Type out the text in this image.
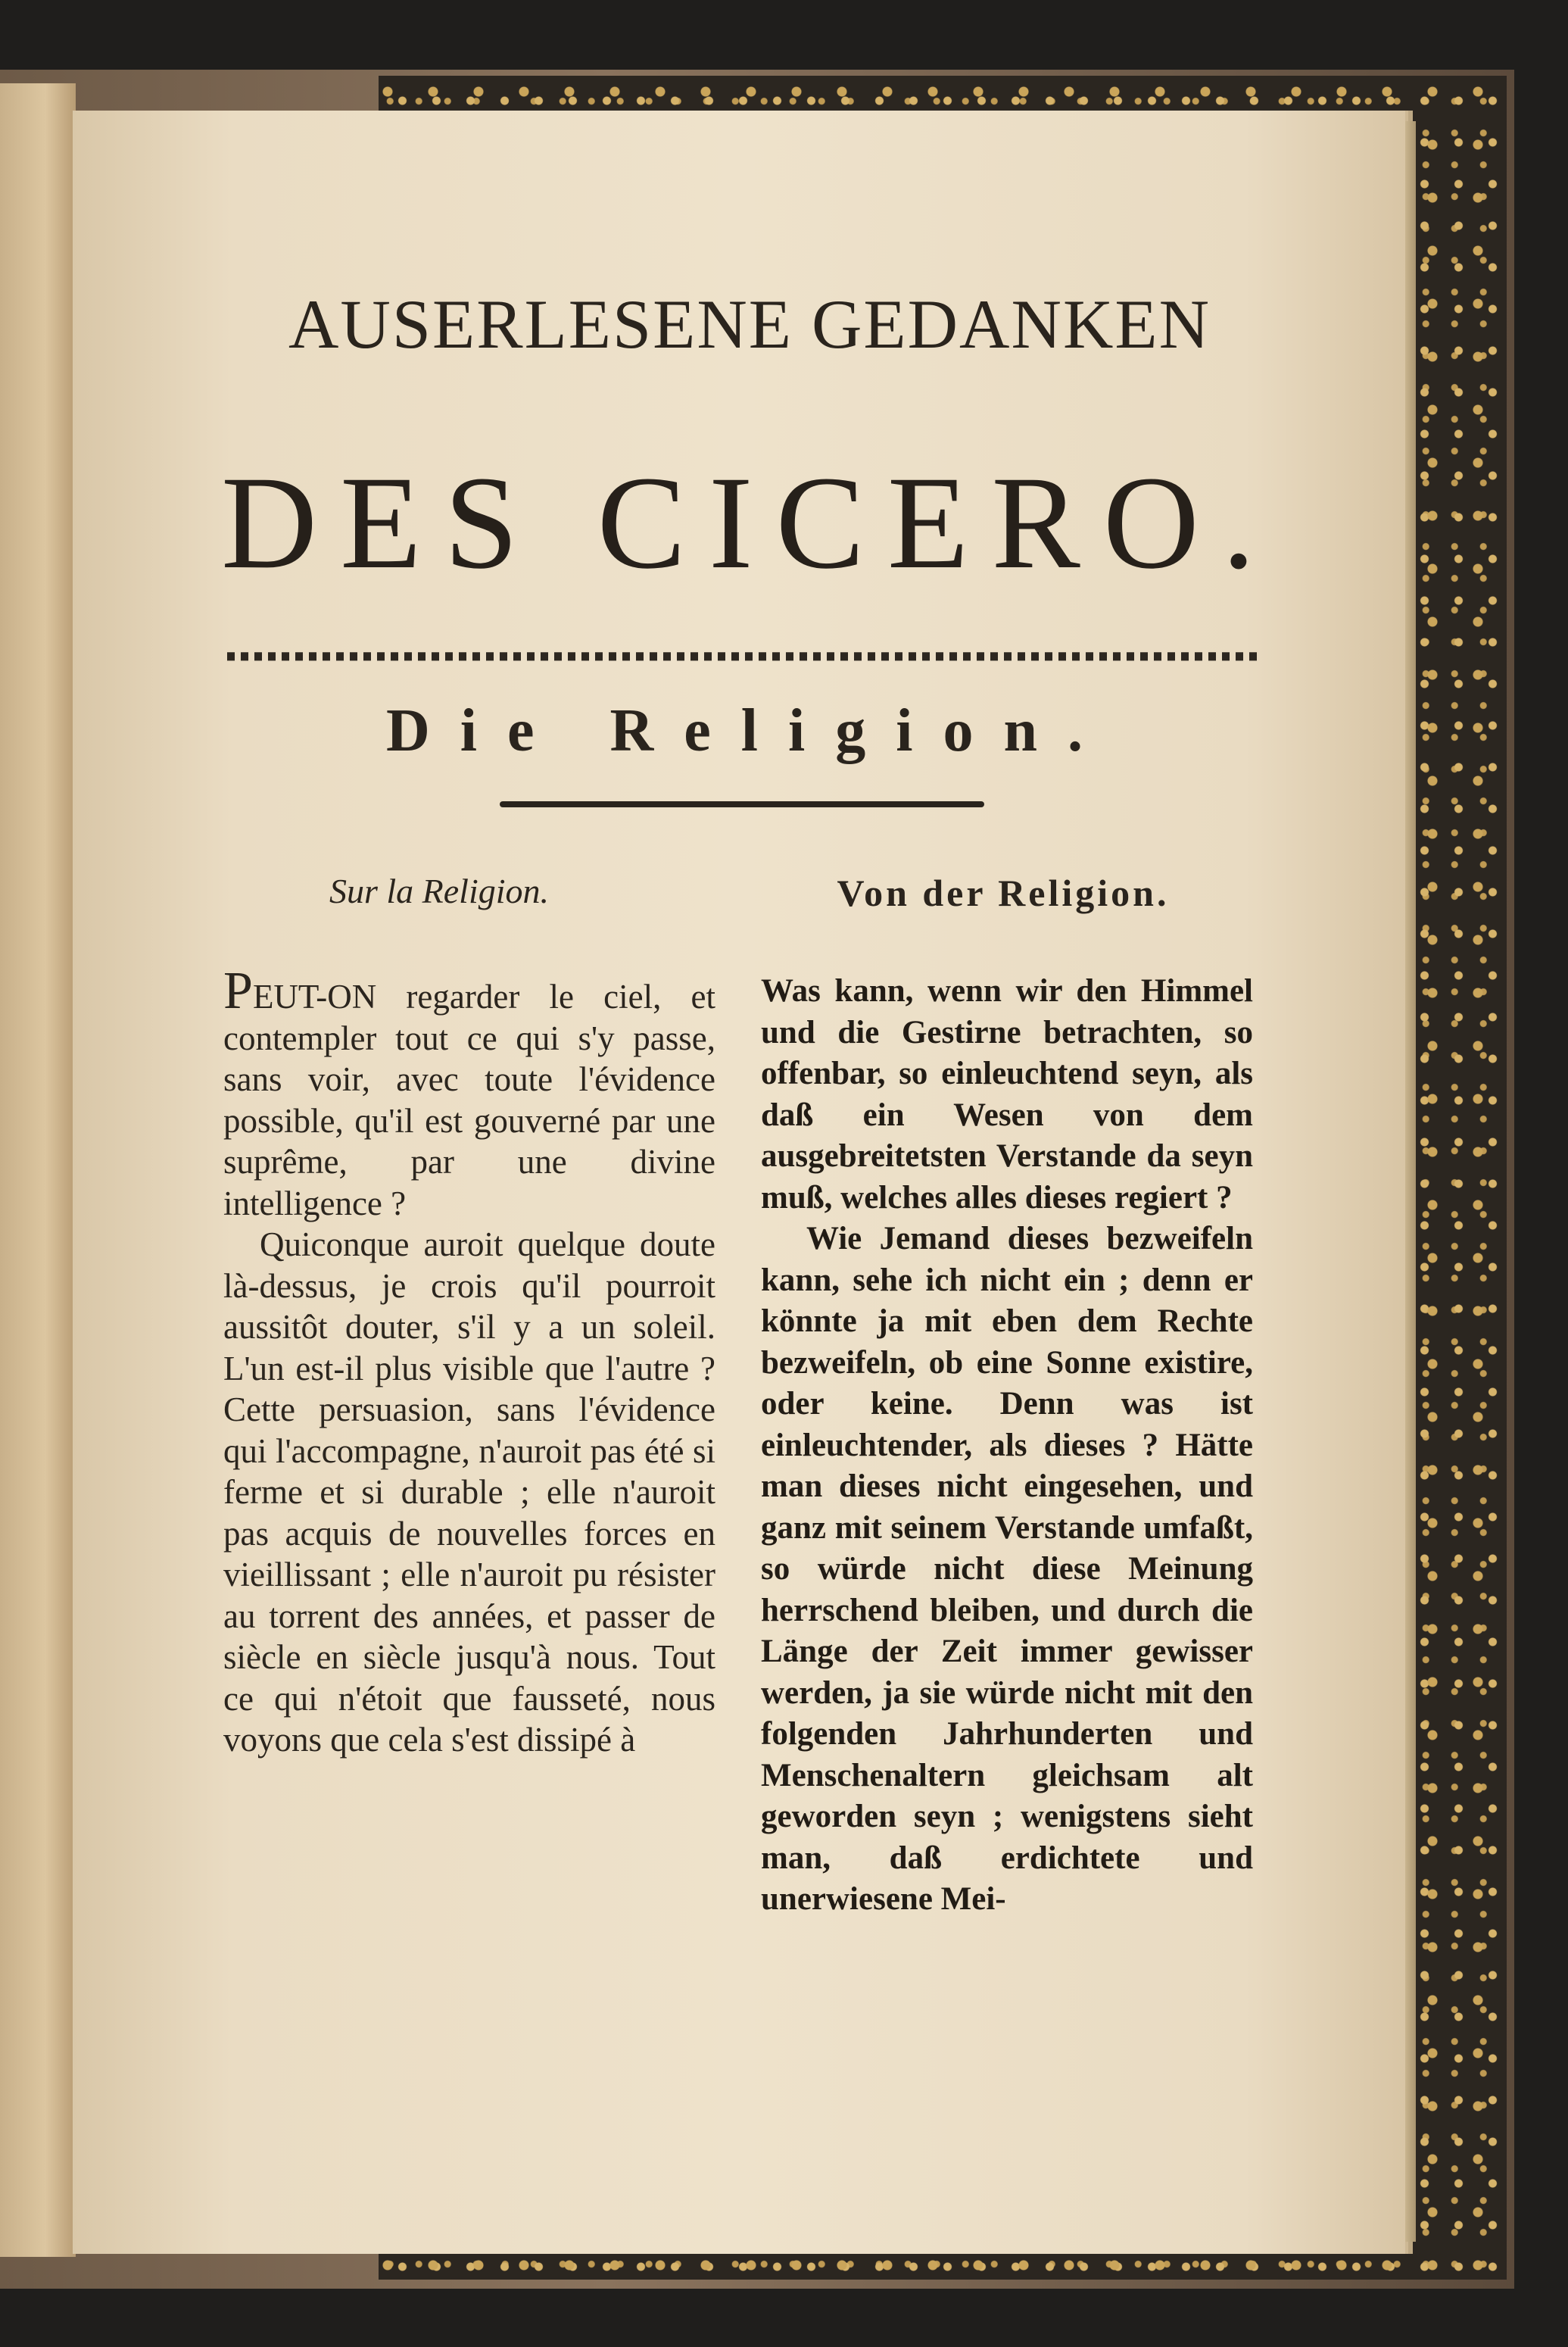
AUSERLESENE GEDANKEN
DES CICERO.
Die Religion.
Sur la Religion.	Von der Religion.

PEUT-ON regarder le ciel, et contempler tout ce qui s'y passe, sans voir, avec toute l'évidence possible, qu'il est gouverné par une suprême, par une divine intelligence ?

Quiconque auroit quelque doute là-dessus, je crois qu'il pourroit aussitôt douter, s'il y a un soleil. L'un est-il plus visible que l'autre ? Cette persuasion, sans l'évidence qui l'accompagne, n'auroit pas été si ferme et si durable ; elle n'auroit pas acquis de nouvelles forces en vieillissant ; elle n'auroit pu résister au torrent des années, et passer de siècle en siècle jusqu'à nous. Tout ce qui n'étoit que fausseté, nous voyons que cela s'est dissipé à

Was kann, wenn wir den Himmel und die Gestirne betrachten, so offenbar, so einleuchtend seyn, als daß ein Wesen von dem ausgebreitetsten Verstande da seyn muß, welches alles dieses regiert ?

Wie Jemand dieses bezweifeln kann, sehe ich nicht ein ; denn er könnte ja mit eben dem Rechte bezweifeln, ob eine Sonne existire, oder keine. Denn was ist einleuchtender, als dieses ? Hätte man dieses nicht eingesehen, und ganz mit seinem Verstande umfaßt, so würde nicht diese Meinung herrschend bleiben, und durch die Länge der Zeit immer gewisser werden, ja sie würde nicht mit den folgenden Jahrhunderten und Menschenaltern gleichsam alt geworden seyn ; wenigstens sieht man, daß erdichtete und unerwiesene Mei-
